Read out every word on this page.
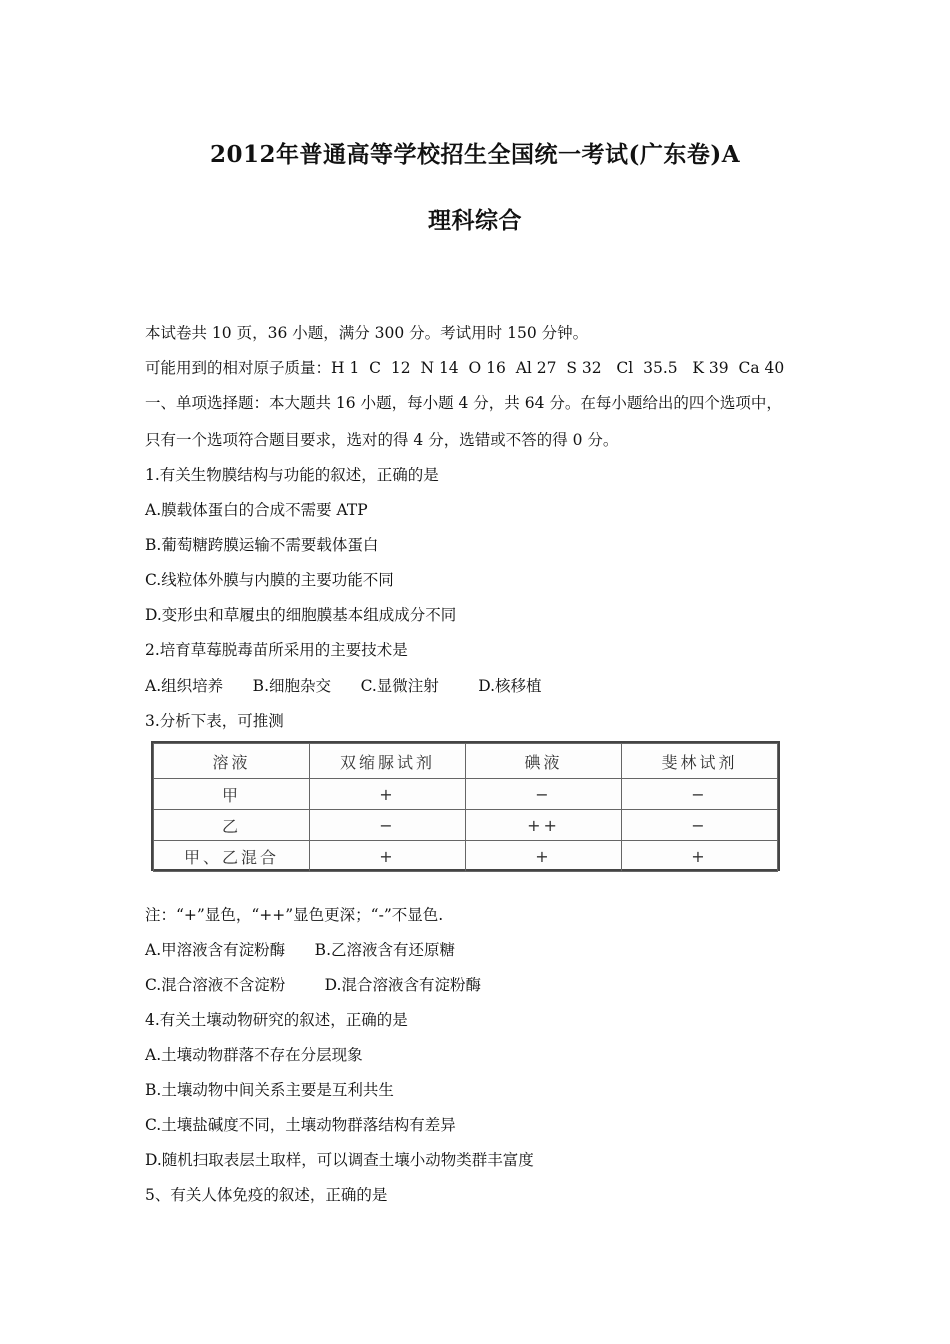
2012年普通高等学校招生全国统一考试(广东卷)A
理科综合
本试卷共 10 页，36 小题，满分 300 分。考试用时 150 分钟。
可能用到的相对原子质量：H 1  C  12  N 14  O 16  Al 27  S 32   Cl  35.5   K 39  Ca 40
一、单项选择题：本大题共 16 小题，每小题 4 分，共 64 分。在每小题给出的四个选项中，
只有一个选项符合题目要求，选对的得 4 分，选错或不答的得 0 分。
1.有关生物膜结构与功能的叙述，正确的是
A.膜载体蛋白的合成不需要 ATP
B.葡萄糖跨膜运输不需要载体蛋白
C.线粒体外膜与内膜的主要功能不同
D.变形虫和草履虫的细胞膜基本组成成分不同
2.培育草莓脱毒苗所采用的主要技术是
A.组织培养      B.细胞杂交      C.显微注射        D.核移植
3.分析下表，可推测
溶液	双缩脲试剂	碘液	斐林试剂
甲	+	−	−
乙	−	++	−
甲、乙混合	+	+	+
注：“+”显色，“++”显色更深；“-”不显色.
A.甲溶液含有淀粉酶      B.乙溶液含有还原糖
C.混合溶液不含淀粉        D.混合溶液含有淀粉酶
4.有关土壤动物研究的叙述，正确的是
A.土壤动物群落不存在分层现象
B.土壤动物中间关系主要是互利共生
C.土壤盐碱度不同，土壤动物群落结构有差异
D.随机扫取表层土取样，可以调查土壤小动物类群丰富度
5、有关人体免疫的叙述，正确的是
